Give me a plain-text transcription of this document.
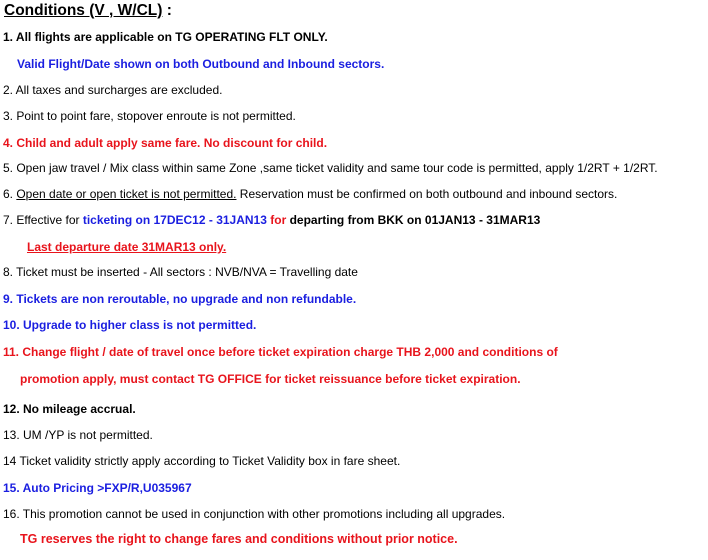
Conditions (V , W/CL) :
1. All flights are applicable on TG OPERATING FLT ONLY.
Valid Flight/Date shown on both Outbound and Inbound sectors.
2. All taxes and surcharges are excluded.
3. Point to point fare, stopover enroute is not permitted.
4. Child and adult apply same fare. No discount for child.
5. Open jaw travel / Mix class within same Zone ,same ticket validity and same tour code is permitted, apply 1/2RT + 1/2RT.
6. Open date or open ticket is not permitted. Reservation must be confirmed on both outbound and inbound sectors.
7. Effective for ticketing on 17DEC12 - 31JAN13 for departing from BKK on 01JAN13 - 31MAR13
Last departure date 31MAR13 only.
8. Ticket must be inserted - All sectors : NVB/NVA = Travelling date
9. Tickets are non reroutable, no upgrade and non refundable.
10. Upgrade to higher class is not permitted.
11. Change flight / date of travel once before ticket expiration charge THB 2,000 and conditions of
promotion apply, must contact TG OFFICE for ticket reissuance before ticket expiration.
12. No mileage accrual.
13. UM /YP is not permitted.
14 Ticket validity strictly apply according to Ticket Validity box in fare sheet.
15. Auto Pricing >FXP/R,U035967
16. This promotion cannot be used in conjunction with other promotions including all upgrades.
TG reserves the right to change fares and conditions without prior notice.
